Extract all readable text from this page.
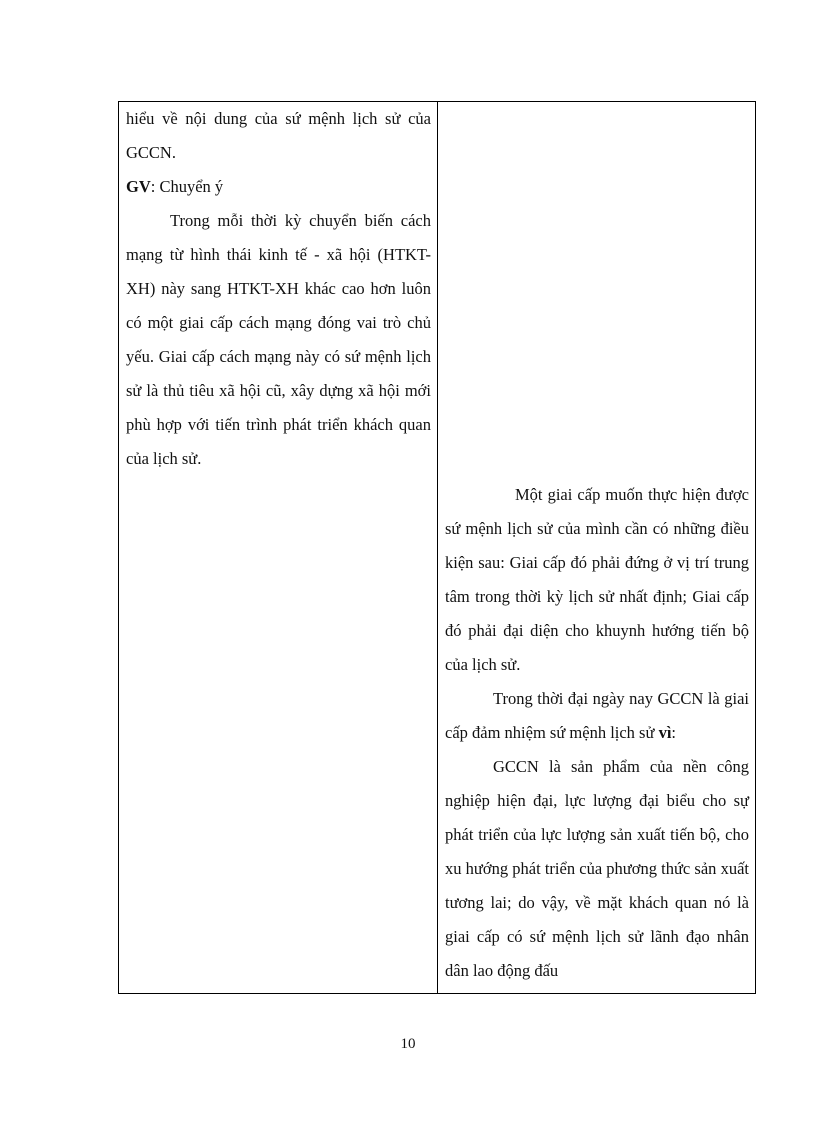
hiểu về nội dung của sứ mệnh lịch sử của GCCN.

GV: Chuyển ý

Trong mỗi thời kỳ chuyển biến cách mạng từ hình thái kinh tế - xã hội (HTKT-XH) này sang HTKT-XH khác cao hơn luôn có một giai cấp cách mạng đóng vai trò chủ yếu. Giai cấp cách mạng này có sứ mệnh lịch sử là thủ tiêu xã hội cũ, xây dựng xã hội mới phù hợp với tiến trình phát triển khách quan của lịch sử.

Một giai cấp muốn thực hiện được sứ mệnh lịch sử của mình cần có những điều kiện sau: Giai cấp đó phải đứng ở vị trí trung tâm trong thời kỳ lịch sử nhất định; Giai cấp đó phải đại diện cho khuynh hướng tiến bộ của lịch sử.

Trong thời đại ngày nay GCCN là giai cấp đảm nhiệm sứ mệnh lịch sử vì:

GCCN là sản phẩm của nền công nghiệp hiện đại, lực lượng đại biểu cho sự phát triển của lực lượng sản xuất tiến bộ, cho xu hướng phát triển của phương thức sản xuất tương lai; do vậy, về mặt khách quan nó là giai cấp có sứ mệnh lịch sử lãnh đạo nhân dân lao động đấu

10
